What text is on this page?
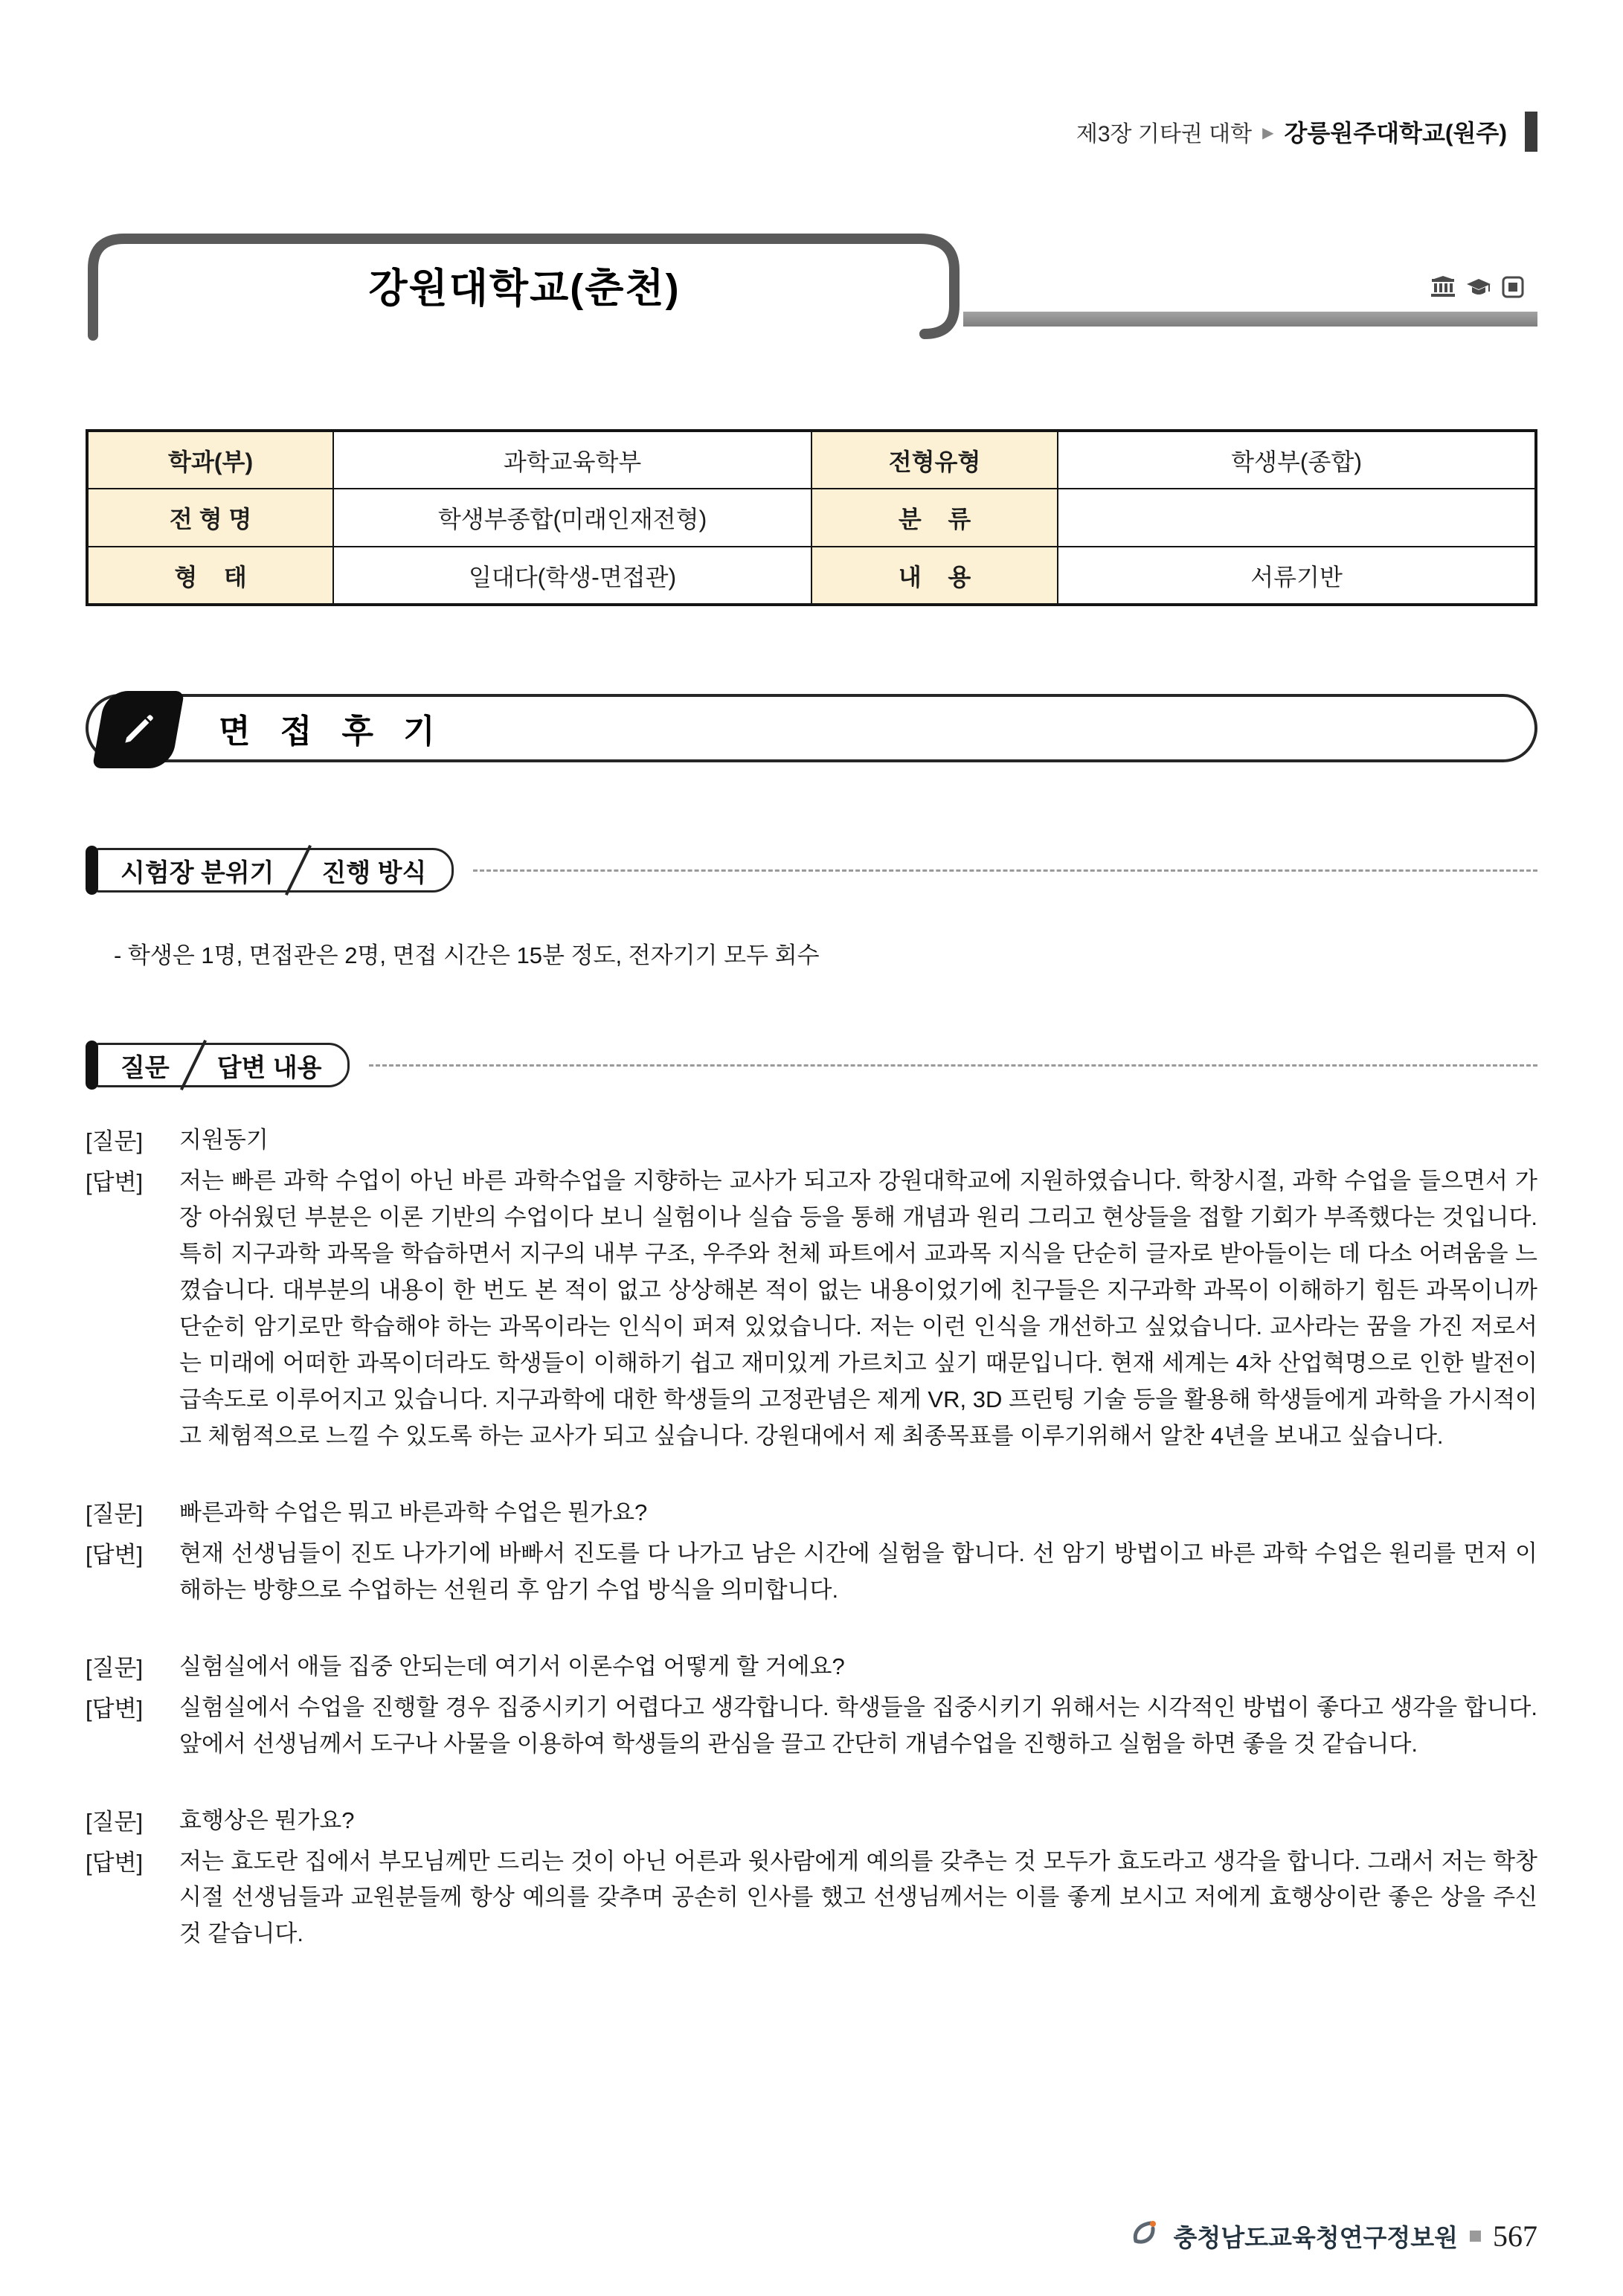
제3장 기타권 대학 ▶ 강릉원주대학교(원주)
강원대학교(춘천)
학과(부)	과학교육학부	전형유형	학생부(종합)
전 형 명	학생부종합(미래인재전형)	분    류	
형    태	일대다(학생-면접관)	내    용	서류기반
면 접 후 기
시험장 분위기 진행 방식

- 학생은 1명, 면접관은 2명, 면접 시간은 15분 정도, 전자기기 모두 회수

질문 답변 내용
[질문]	지원동기

[답변]	저는 빠른 과학 수업이 아닌 바른 과학수업을 지향하는 교사가 되고자 강원대학교에 지원하였습니다. 학창시절, 과학 수업을 들으면서 가장 아쉬웠던 부분은 이론 기반의 수업이다 보니 실험이나 실습 등을 통해 개념과 원리 그리고 현상들을 접할 기회가 부족했다는 것입니다. 특히 지구과학 과목을 학습하면서 지구의 내부 구조, 우주와 천체 파트에서 교과목 지식을 단순히 글자로 받아들이는 데 다소 어려움을 느꼈습니다. 대부분의 내용이 한 번도 본 적이 없고 상상해본 적이 없는 내용이었기에 친구들은 지구과학 과목이 이해하기 힘든 과목이니까 단순히 암기로만 학습해야 하는 과목이라는 인식이 퍼져 있었습니다. 저는 이런 인식을 개선하고 싶었습니다. 교사라는 꿈을 가진 저로서는 미래에 어떠한 과목이더라도 학생들이 이해하기 쉽고 재미있게 가르치고 싶기 때문입니다. 현재 세계는 4차 산업혁명으로 인한 발전이 급속도로 이루어지고 있습니다. 지구과학에 대한 학생들의 고정관념은 제게 VR, 3D 프린팅 기술 등을 활용해 학생들에게 과학을 가시적이고 체험적으로 느낄 수 있도록 하는 교사가 되고 싶습니다. 강원대에서 제 최종목표를 이루기위해서 알찬 4년을 보내고 싶습니다.

[질문]	빠른과학 수업은 뭐고 바른과학 수업은 뭔가요?

[답변]	현재 선생님들이 진도 나가기에 바빠서 진도를 다 나가고 남은 시간에 실험을 합니다. 선 암기 방법이고 바른 과학 수업은 원리를 먼저 이해하는 방향으로 수업하는 선원리 후 암기 수업 방식을 의미합니다.

[질문]	실험실에서 애들 집중 안되는데 여기서 이론수업 어떻게 할 거에요?

[답변]	실험실에서 수업을 진행할 경우 집중시키기 어렵다고 생각합니다. 학생들을 집중시키기 위해서는 시각적인 방법이 좋다고 생각을 합니다. 앞에서 선생님께서 도구나 사물을 이용하여 학생들의 관심을 끌고 간단히 개념수업을 진행하고 실험을 하면 좋을 것 같습니다.

[질문]	효행상은 뭔가요?

[답변]	저는 효도란 집에서 부모님께만 드리는 것이 아닌 어른과 윗사람에게 예의를 갖추는 것 모두가 효도라고 생각을 합니다. 그래서 저는 학창시절 선생님들과 교원분들께 항상 예의를 갖추며 공손히 인사를 했고 선생님께서는 이를 좋게 보시고 저에게 효행상이란 좋은 상을 주신 것 같습니다.

충청남도교육청연구정보원 567
